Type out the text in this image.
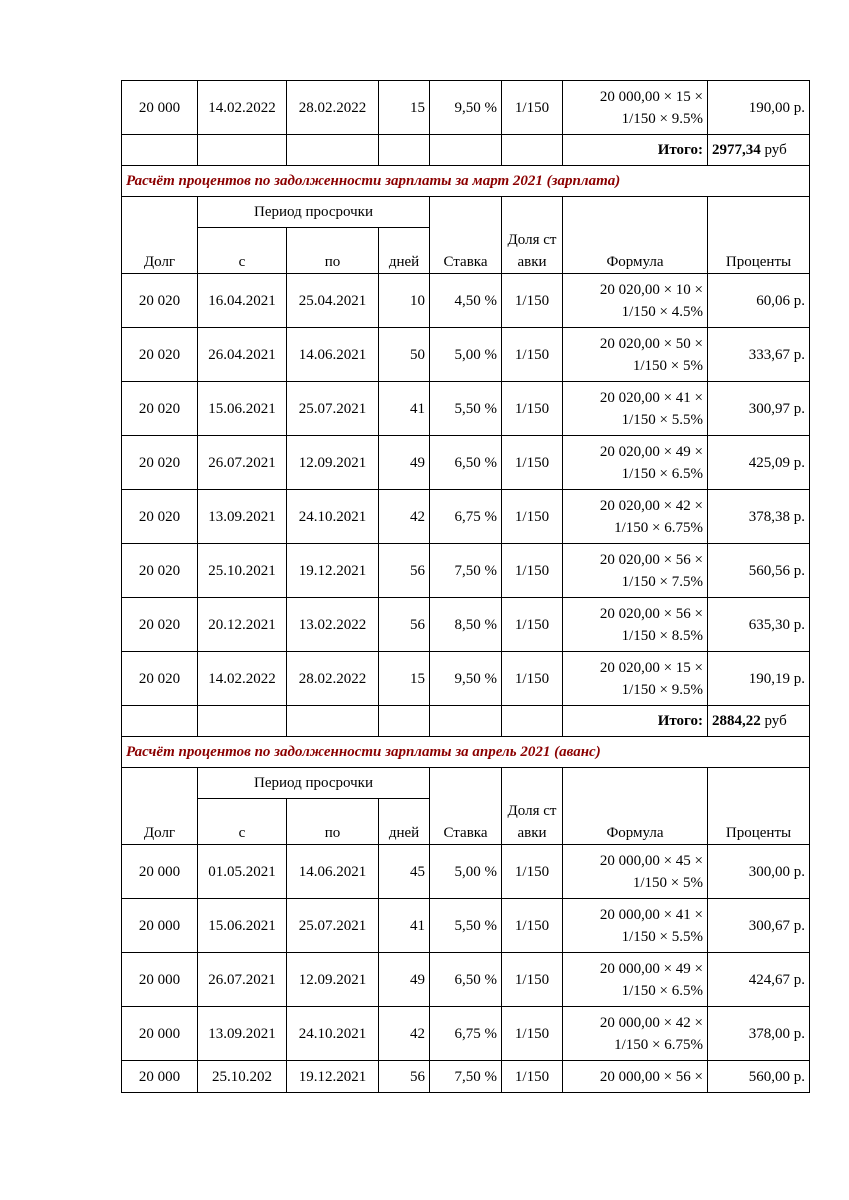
20 000	14.02.2022	28.02.2022	15	9,50 %	1/150	20 000,00 × 15 × 1/150 × 9.5%	190,00 р.
						Итого:	2977,34 руб
Расчёт процентов по задолженности зарплаты за март 2021 (зарплата)							
Долг	Период просрочки			Ставка	Доля ставки	Формула	Проценты
	с	по	дней				
20 020	16.04.2021	25.04.2021	10	4,50 %	1/150	20 020,00 × 10 × 1/150 × 4.5%	60,06 р.
20 020	26.04.2021	14.06.2021	50	5,00 %	1/150	20 020,00 × 50 × 1/150 × 5%	333,67 р.
20 020	15.06.2021	25.07.2021	41	5,50 %	1/150	20 020,00 × 41 × 1/150 × 5.5%	300,97 р.
20 020	26.07.2021	12.09.2021	49	6,50 %	1/150	20 020,00 × 49 × 1/150 × 6.5%	425,09 р.
20 020	13.09.2021	24.10.2021	42	6,75 %	1/150	20 020,00 × 42 × 1/150 × 6.75%	378,38 р.
20 020	25.10.2021	19.12.2021	56	7,50 %	1/150	20 020,00 × 56 × 1/150 × 7.5%	560,56 р.
20 020	20.12.2021	13.02.2022	56	8,50 %	1/150	20 020,00 × 56 × 1/150 × 8.5%	635,30 р.
20 020	14.02.2022	28.02.2022	15	9,50 %	1/150	20 020,00 × 15 × 1/150 × 9.5%	190,19 р.
						Итого:	2884,22 руб
Расчёт процентов по задолженности зарплаты за апрель 2021 (аванс)							
Долг	Период просрочки			Ставка	Доля ставки	Формула	Проценты
	с	по	дней				
20 000	01.05.2021	14.06.2021	45	5,00 %	1/150	20 000,00 × 45 × 1/150 × 5%	300,00 р.
20 000	15.06.2021	25.07.2021	41	5,50 %	1/150	20 000,00 × 41 × 1/150 × 5.5%	300,67 р.
20 000	26.07.2021	12.09.2021	49	6,50 %	1/150	20 000,00 × 49 × 1/150 × 6.5%	424,67 р.
20 000	13.09.2021	24.10.2021	42	6,75 %	1/150	20 000,00 × 42 × 1/150 × 6.75%	378,00 р.
20 000	25.10.202	19.12.2021	56	7,50 %	1/150	20 000,00 × 56 ×	560,00 р.
